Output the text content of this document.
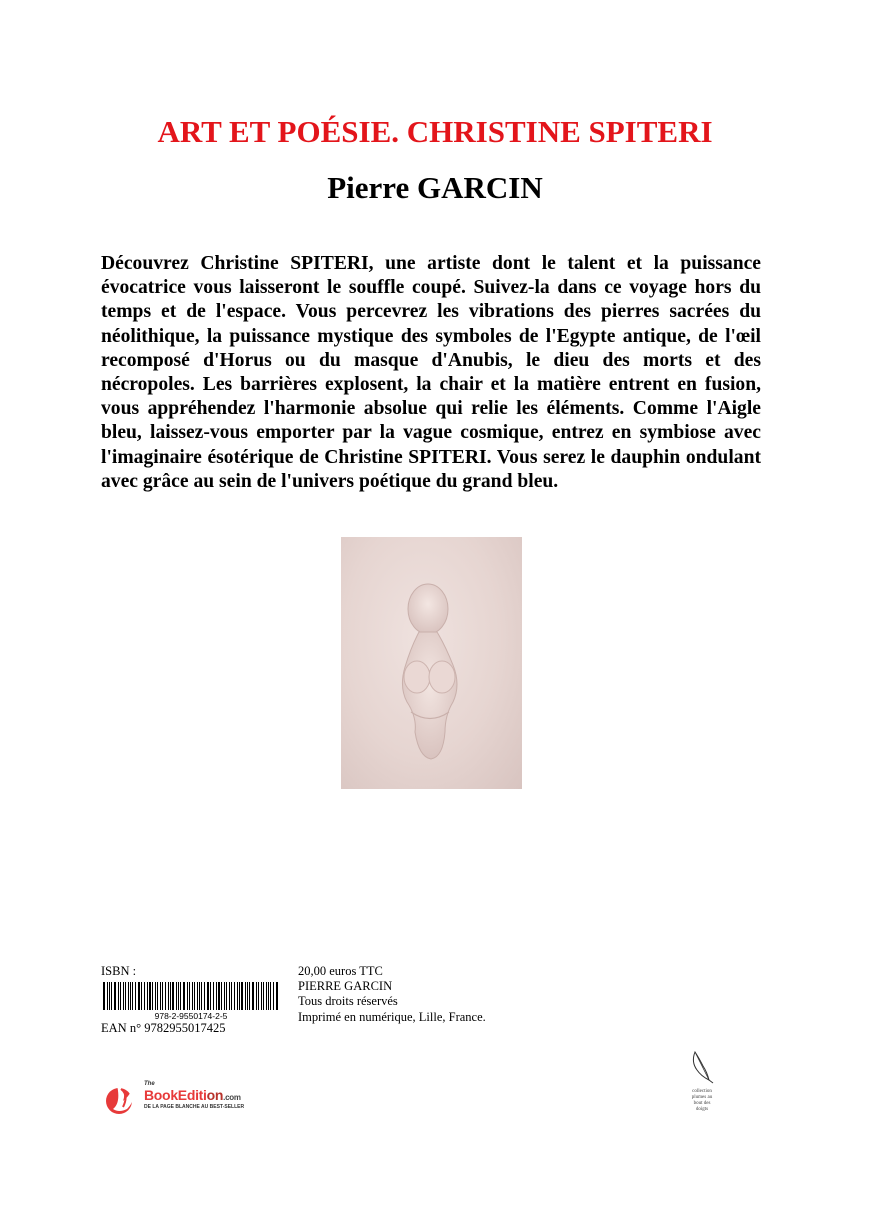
ART ET POÉSIE. CHRISTINE SPITERI
Pierre GARCIN

Découvrez Christine SPITERI, une artiste dont le talent et la puissance évocatrice vous laisseront le souffle coupé. Suivez-la dans ce voyage hors du temps et de l'espace. Vous percevrez les vibrations des pierres sacrées du néolithique, la puissance mystique des symboles de l'Egypte antique, de l'œil recomposé d'Horus ou du masque d'Anubis, le dieu des morts et des nécropoles. Les barrières explosent, la chair et la matière entrent en fusion, vous appréhendez l'harmonie absolue qui relie les éléments. Comme l'Aigle bleu, laissez-vous emporter par la vague cosmique, entrez en symbiose avec l'imaginaire ésotérique de Christine SPITERI. Vous serez le dauphin ondulant avec grâce au sein de l'univers poétique du grand bleu.

ISBN :
978-2-9550174-2-5
EAN n° 9782955017425
20,00 euros TTC
PIERRE GARCIN
Tous droits réservés
Imprimé en numérique, Lille, France.
The
BookEdition.com
DE LA PAGE BLANCHE AU BEST-SELLER
collection
plumes au
bout des
doigts
